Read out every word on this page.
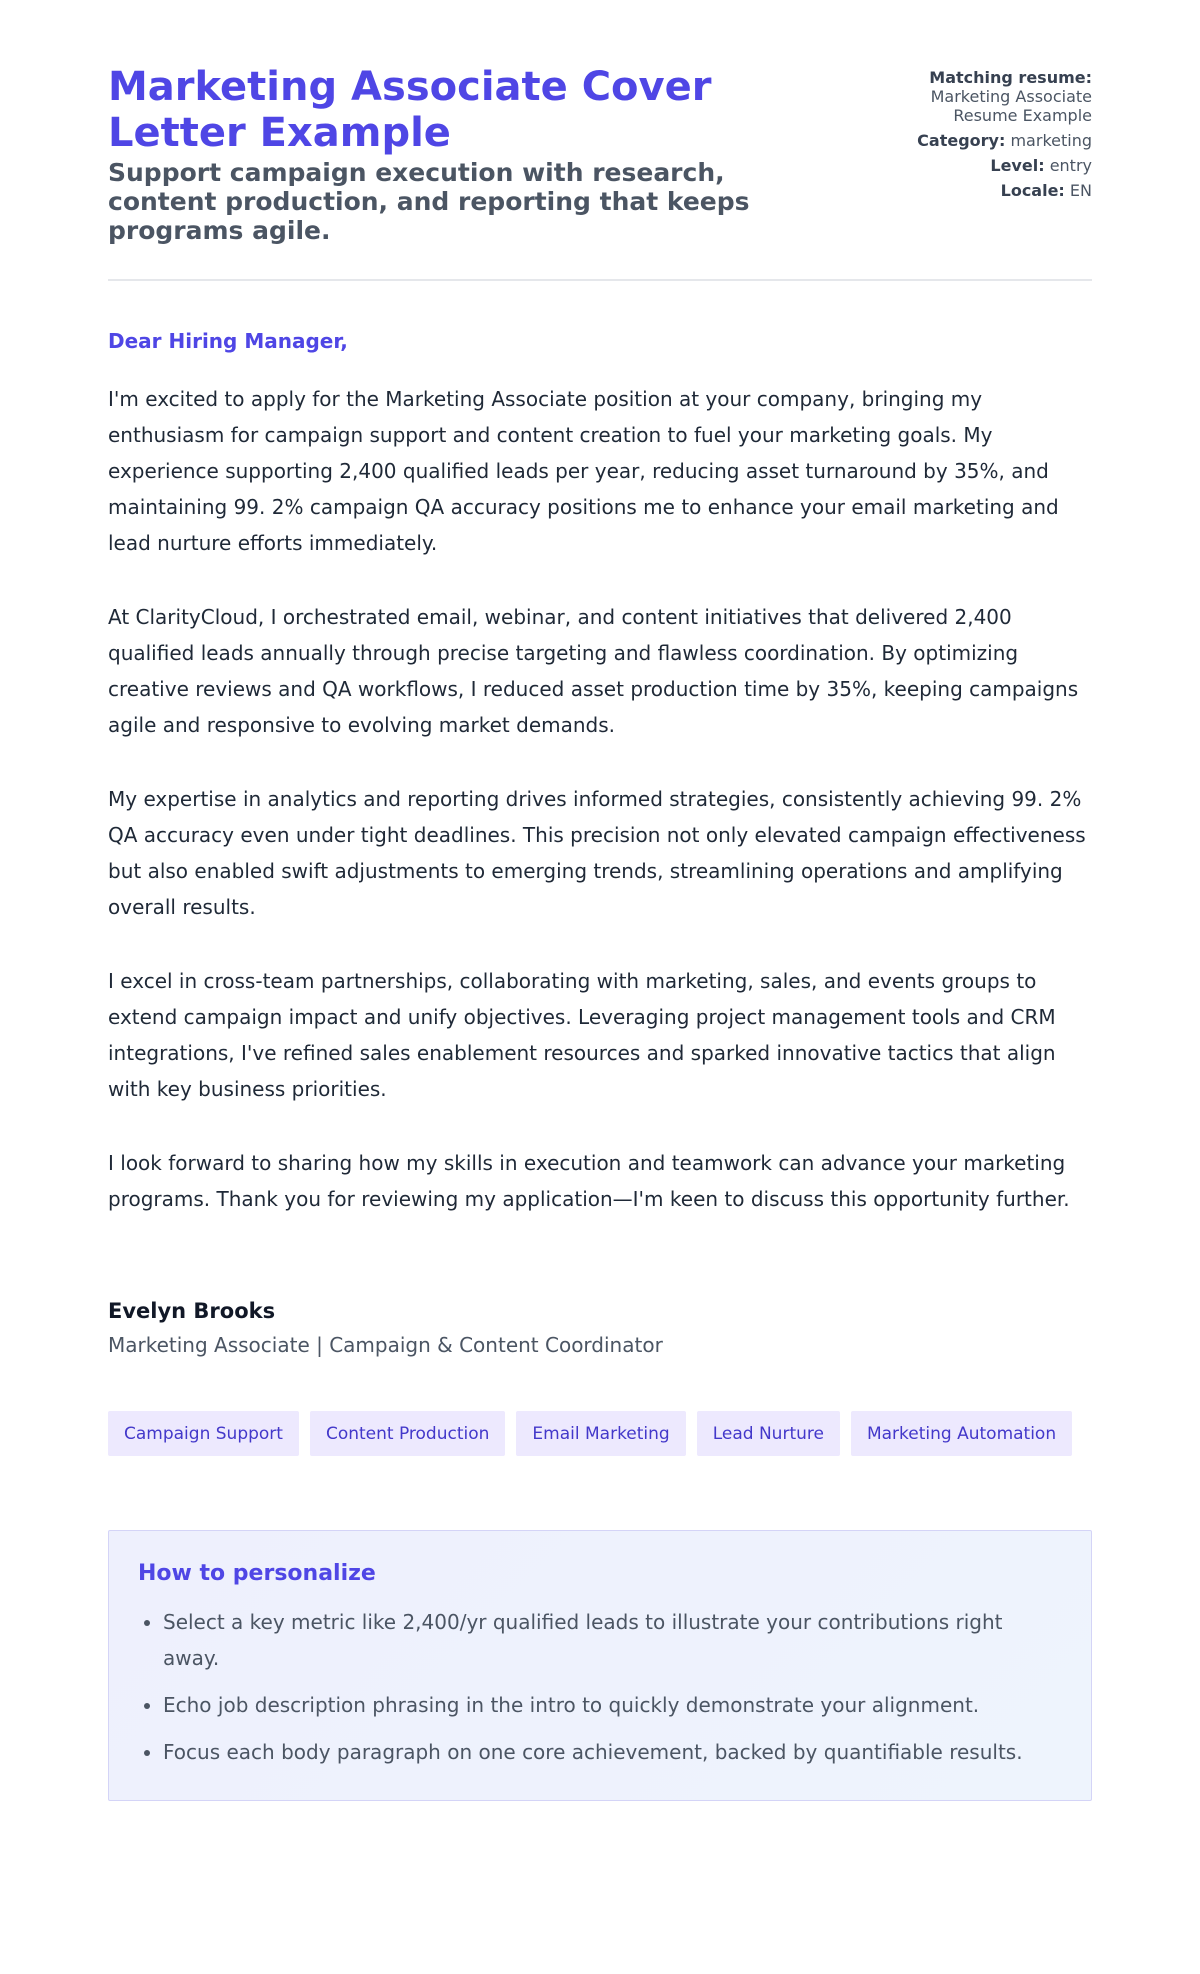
Marketing Associate Cover Letter Example
Support campaign execution with research, content production, and reporting that keeps programs agile.
Matching resume:
Marketing Associate Resume Example
Category: marketing
Level: entry
Locale: EN

Dear Hiring Manager,

I'm excited to apply for the Marketing Associate position at your company, bringing my enthusiasm for campaign support and content creation to fuel your marketing goals. My experience supporting 2,400 qualified leads per year, reducing asset turnaround by 35%, and maintaining 99. 2% campaign QA accuracy positions me to enhance your email marketing and lead nurture efforts immediately.

At ClarityCloud, I orchestrated email, webinar, and content initiatives that delivered 2,400 qualified leads annually through precise targeting and flawless coordination. By optimizing creative reviews and QA workflows, I reduced asset production time by 35%, keeping campaigns agile and responsive to evolving market demands.

My expertise in analytics and reporting drives informed strategies, consistently achieving 99. 2% QA accuracy even under tight deadlines. This precision not only elevated campaign effectiveness but also enabled swift adjustments to emerging trends, streamlining operations and amplifying overall results.

I excel in cross-team partnerships, collaborating with marketing, sales, and events groups to extend campaign impact and unify objectives. Leveraging project management tools and CRM integrations, I've refined sales enablement resources and sparked innovative tactics that align with key business priorities.

I look forward to sharing how my skills in execution and teamwork can advance your marketing programs. Thank you for reviewing my application—I'm keen to discuss this opportunity further.

Evelyn Brooks

Marketing Associate | Campaign & Content Coordinator

Campaign Support	Content Production	Email Marketing	Lead Nurture	Marketing Automation
How to personalize
• Select a key metric like 2,400/yr qualified leads to illustrate your contributions right away.
• Echo job description phrasing in the intro to quickly demonstrate your alignment.
• Focus each body paragraph on one core achievement, backed by quantifiable results.
